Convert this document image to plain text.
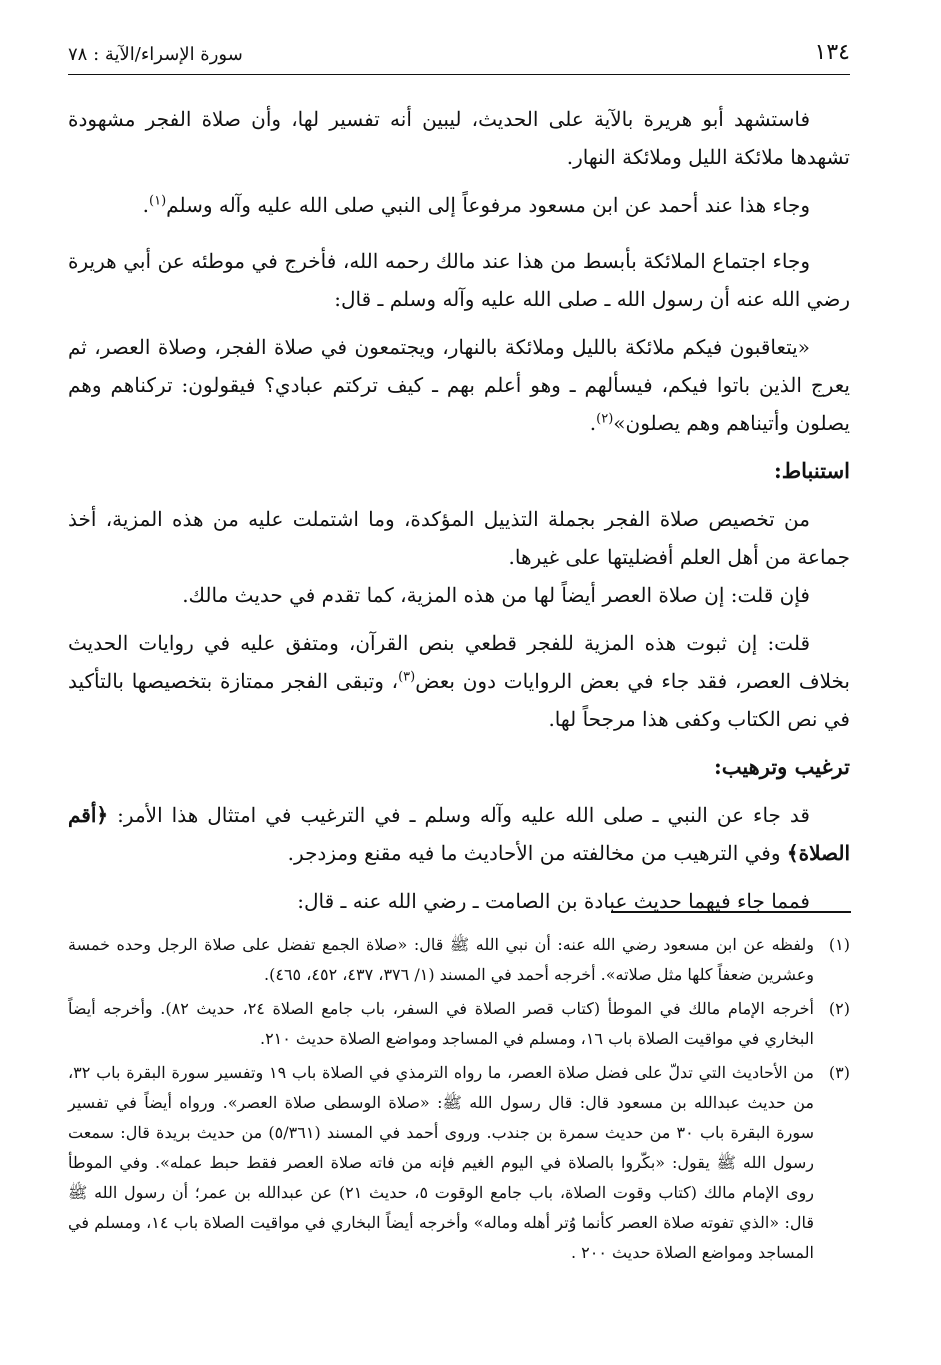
١٣٤
سورة الإسراء/الآية : ٧٨

فاستشهد أبو هريرة بالآية على الحديث، ليبين أنه تفسير لها، وأن صلاة الفجر مشهودة تشهدها ملائكة الليل وملائكة النهار.

وجاء هذا عند أحمد عن ابن مسعود مرفوعاً إلى النبي صلى الله عليه وآله وسلم$^{(١)}$.

وجاء اجتماع الملائكة بأبسط من هذا عند مالك رحمه الله، فأخرج في موطئه عن أبي هريرة رضي الله عنه أن رسول الله ـ صلى الله عليه وآله وسلم ـ قال:

«يتعاقبون فيكم ملائكة بالليل وملائكة بالنهار، ويجتمعون في صلاة الفجر، وصلاة العصر، ثم يعرج الذين باتوا فيكم، فيسألهم ـ وهو أعلم بهم ـ كيف تركتم عبادي؟ فيقولون: تركناهم وهم يصلون وأتيناهم وهم يصلون»$^{(٢)}$.

استنباط:

من تخصيص صلاة الفجر بجملة التذييل المؤكدة، وما اشتملت عليه من هذه المزية، أخذ جماعة من أهل العلم أفضليتها على غيرها.

فإن قلت: إن صلاة العصر أيضاً لها من هذه المزية، كما تقدم في حديث مالك.

قلت: إن ثبوت هذه المزية للفجر قطعي بنص القرآن، ومتفق عليه في روايات الحديث بخلاف العصر، فقد جاء في بعض الروايات دون بعض$^{(٣)}$، وتبقى الفجر ممتازة بتخصيصها بالتأكيد في نص الكتاب وكفى هذا مرجحاً لها.

ترغيب وترهيب:

قد جاء عن النبي ـ صلى الله عليه وآله وسلم ـ في الترغيب في امتثال هذا الأمر: ﴿أقم الصلاة﴾ وفي الترهيب من مخالفته من الأحاديث ما فيه مقنع ومزدجر.

فمما جاء فيهما حديث عبادة بن الصامت ـ رضي الله عنه ـ قال:

(١)
ولفظه عن ابن مسعود رضي الله عنه: أن نبي الله ﷺ قال: «صلاة الجمع تفضل على صلاة الرجل وحده خمسة وعشرين ضعفاً كلها مثل صلاته». أخرجه أحمد في المسند (١/ ٣٧٦، ٤٣٧، ٤٥٢، ٤٦٥).
(٢)
أخرجه الإمام مالك في الموطأ (كتاب قصر الصلاة في السفر، باب جامع الصلاة ٢٤، حديث ٨٢). وأخرجه أيضاً البخاري في مواقيت الصلاة باب ١٦، ومسلم في المساجد ومواضع الصلاة حديث ٢١٠.
(٣)
من الأحاديث التي تدلّ على فضل صلاة العصر، ما رواه الترمذي في الصلاة باب ١٩ وتفسير سورة البقرة باب ٣٢، من حديث عبدالله بن مسعود قال: قال رسول الله ﷺ: «صلاة الوسطى صلاة العصر». ورواه أيضاً في تفسير سورة البقرة باب ٣٠ من حديث سمرة بن جندب. وروى أحمد في المسند (٥/٣٦١) من حديث بريدة قال: سمعت رسول الله ﷺ يقول: «بكّروا بالصلاة في اليوم الغيم فإنه من فاته صلاة العصر فقط حبط عمله». وفي الموطأ روى الإمام مالك (كتاب وقوت الصلاة، باب جامع الوقوت ٥، حديث ٢١) عن عبدالله بن عمر؛ أن رسول الله ﷺ قال: «الذي تفوته صلاة العصر كأنما وُتر أهله وماله» وأخرجه أيضاً البخاري في مواقيت الصلاة باب ١٤، ومسلم في المساجد ومواضع الصلاة حديث ٢٠٠ .
